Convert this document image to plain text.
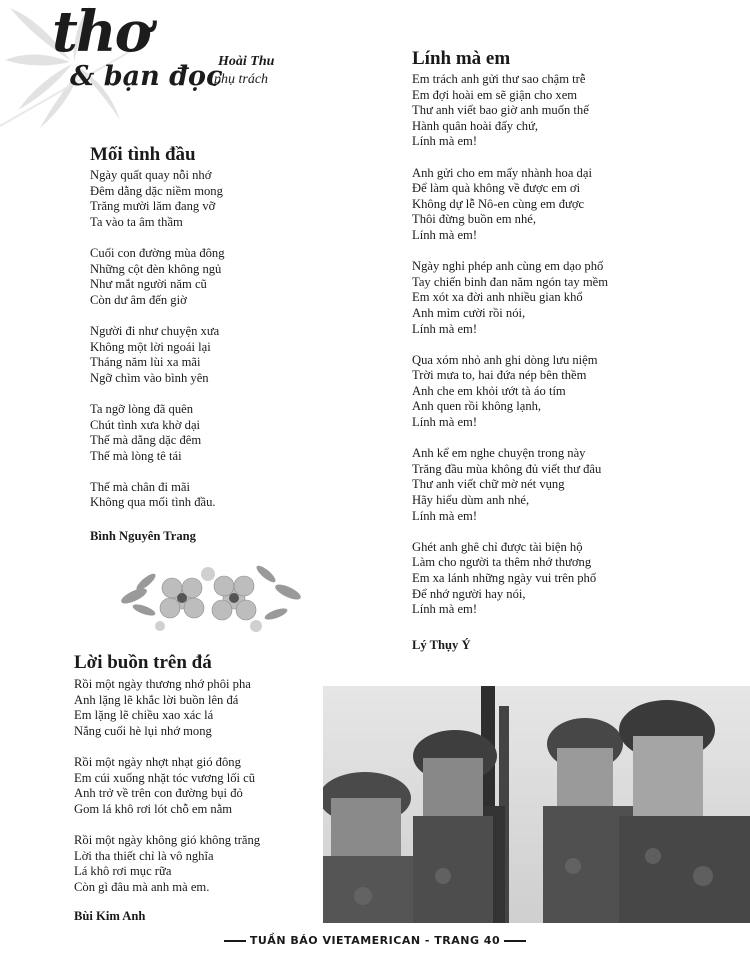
thơ
& bạn đọc
Hoài Thu
phụ trách
Mối tình đầu
Ngày quất quay nỗi nhớ
Đêm dằng dặc niềm mong
Trăng mười lăm đang vỡ
Ta vào ta âm thầm
Cuối con đường mùa đông
Những cột đèn không ngủ
Như mắt người năm cũ
Còn dư âm đến giờ
Người đi như chuyện xưa
Không một lời ngoái lại
Tháng năm lùi xa mãi
Ngỡ chìm vào bình yên
Ta ngỡ lòng đã quên
Chút tình xưa khờ dại
Thế mà dằng dặc đêm
Thế mà lòng tê tái
Thế mà chân đi mãi
Không qua mối tình đầu.
Bình Nguyên Trang
Lời buồn trên đá
Rồi một ngày thương nhớ phôi pha
Anh lặng lẽ khắc lời buồn lên đá
Em lặng lẽ chiều xao xác lá
Nắng cuối hè lụi nhớ mong
Rồi một ngày nhợt nhạt gió đông
Em cúi xuống nhặt tóc vương lối cũ
Anh trở về trên con đường bụi đỏ
Gom lá khô rơi lót chỗ em nằm
Rồi một ngày không gió không trăng
Lời tha thiết chỉ là vô nghĩa
Lá khô rơi mục rữa
Còn gì đâu mà anh mà em.
Bùi Kim Anh
Lính mà em
Em trách anh gửi thư sao chậm trễ
Em đợi hoài em sẽ giận cho xem
Thư anh viết bao giờ anh muốn thế
Hành quân hoài đấy chứ,
Lính mà em!
Anh gửi cho em mấy nhành hoa dại
Để làm quà không về được em ơi
Không dự lễ Nô-en cùng em được
Thôi đừng buồn em nhé,
Lính mà em!
Ngày nghỉ phép anh cùng em dạo phố
Tay chiến binh đan năm ngón tay mềm
Em xót xa đời anh nhiều gian khổ
Anh mỉm cười rồi nói,
Lính mà em!
Qua xóm nhỏ anh ghi dòng lưu niệm
Trời mưa to, hai đứa nép bên thềm
Anh che em khỏi ướt tà áo tím
Anh quen rồi không lạnh,
Lính mà em!
Anh kể em nghe chuyện trong này
Trăng đầu mùa không đủ viết thư đâu
Thư anh viết chữ mờ nét vụng
Hãy hiểu dùm anh nhé,
Lính mà em!
Ghét anh ghê chỉ được tài biện hộ
Làm cho người ta thêm nhớ thương
Em xa lánh những ngày vui trên phố
Để nhớ người hay nói,
Lính mà em!
Lý Thụy Ý
TUẦN BÁO VIETAMERICAN - TRANG 40
